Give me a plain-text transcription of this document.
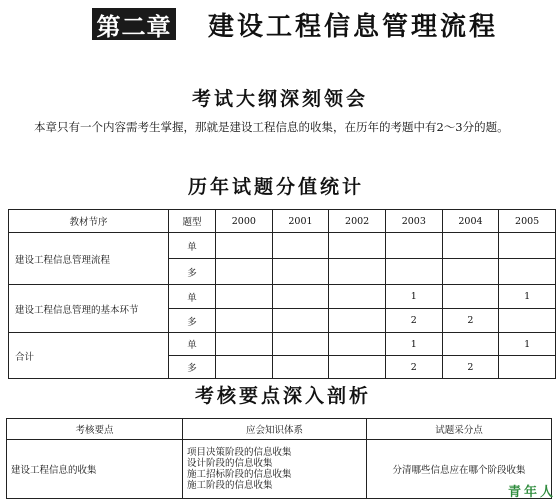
第二章 建设工程信息管理流程
考试大纲深刻领会
本章只有一个内容需考生掌握，那就是建设工程信息的收集，在历年的考题中有2～3分的题。
历年试题分值统计
教材节序	题型	2000	2001	2002	2003	2004	2005
建设工程信息管理流程	单						
	多						
建设工程信息管理的基本环节	单				1		1
	多				2	2	
合计	单				1		1
	多				2	2	
考核要点深入剖析
考核要点	应会知识体系	试题采分点
建设工程信息的收集	项目决策阶段的信息收集
设计阶段的信息收集
施工招标阶段的信息收集
施工阶段的信息收集	分清哪些信息应在哪个阶段收集
青年人
